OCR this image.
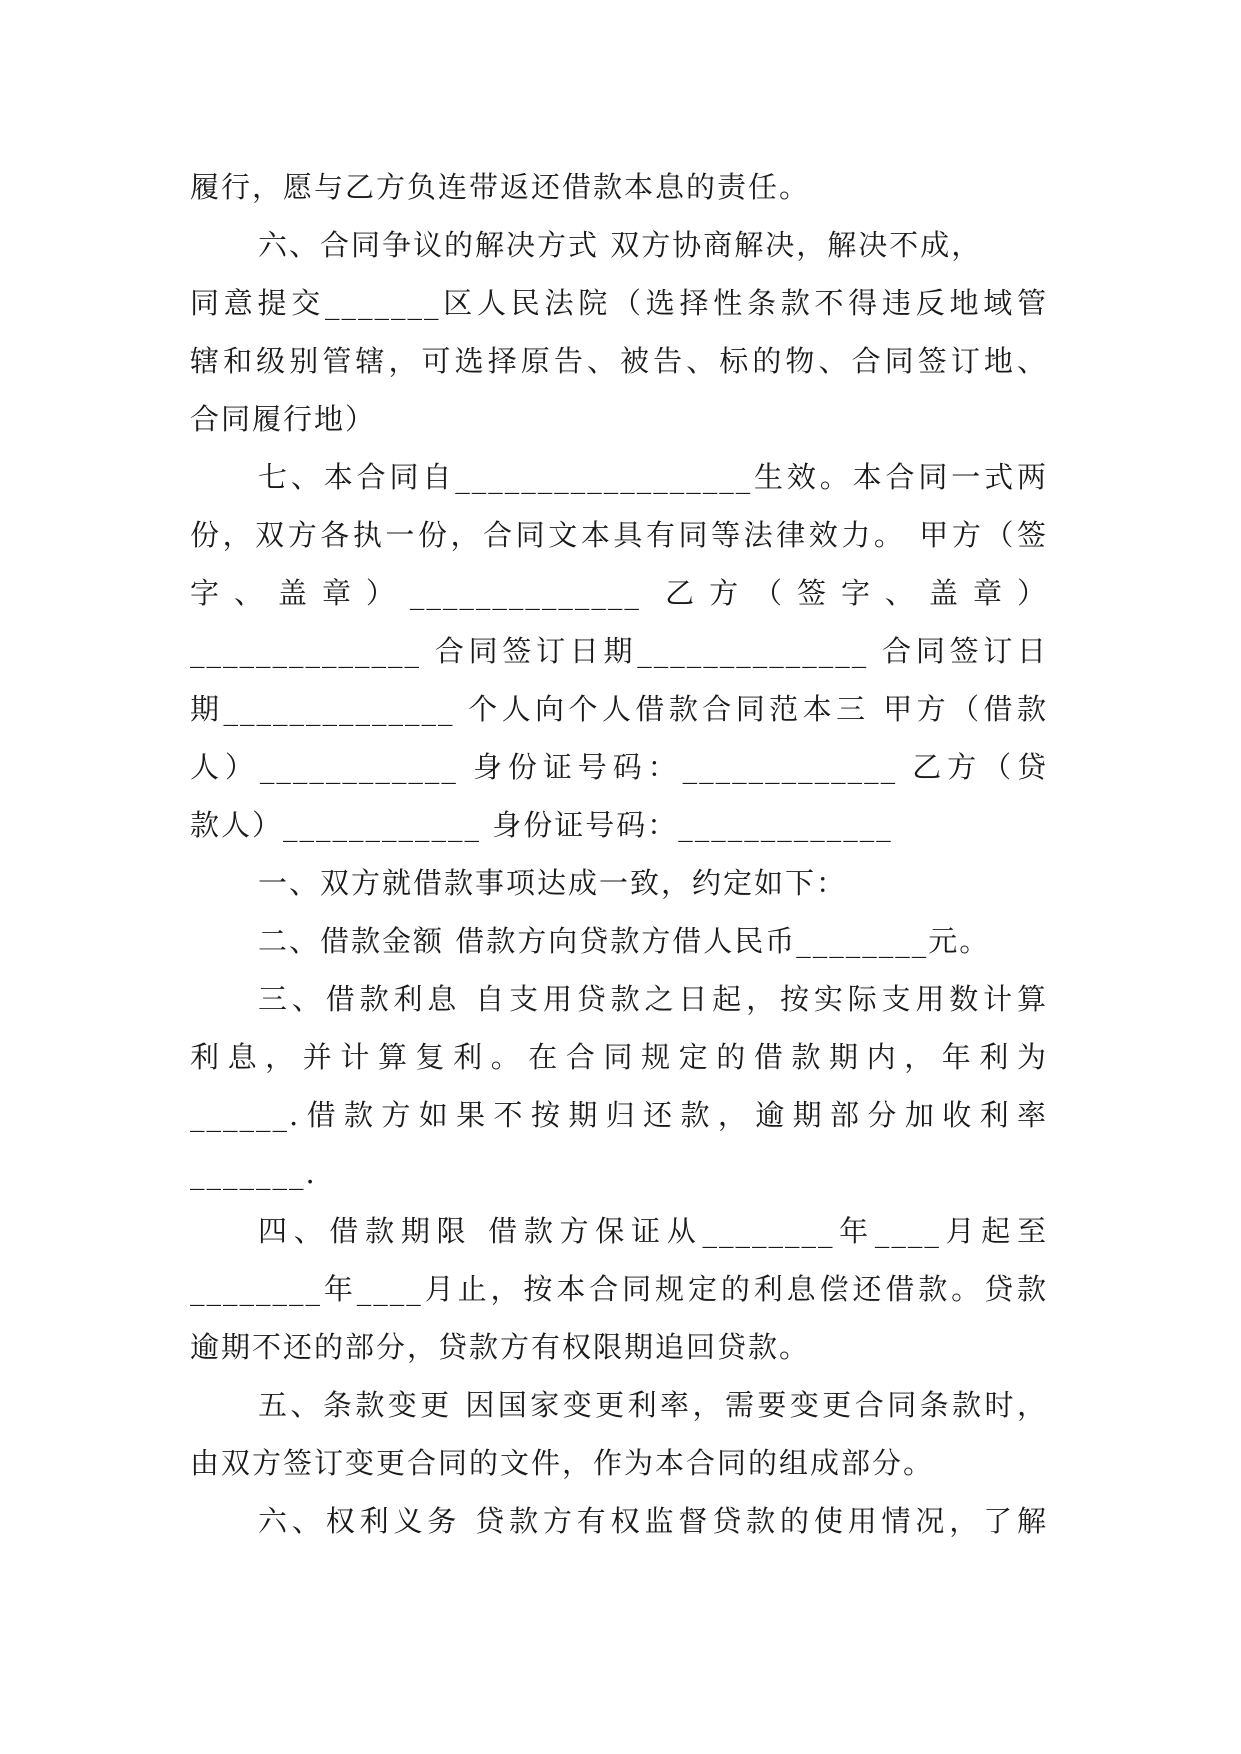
履行，愿与乙方负连带返还借款本息的责任。
六、合同争议的解决方式 双方协商解决，解决不成，
同意提交_______区人民法院（选择性条款不得违反地域管
辖和级别管辖，可选择原告、被告、标的物、合同签订地、
合同履行地）
七、本合同自__________________生效。本合同一式两
份，双方各执一份，合同文本具有同等法律效力。 甲方（签
字、盖章）______________ 乙方（签字、盖章）
______________ 合同签订日期______________ 合同签订日
期______________ 个人向个人借款合同范本三 甲方（借款
人）____________ 身份证号码：_____________ 乙方（贷
款人）____________ 身份证号码：_____________
一、双方就借款事项达成一致，约定如下：
二、借款金额 借款方向贷款方借人民币________元。
三、借款利息 自支用贷款之日起，按实际支用数计算
利息，并计算复利。在合同规定的借款期内，年利为
______.借款方如果不按期归还款，逾期部分加收利率
_______.
四、借款期限 借款方保证从________年____月起至
________年____月止，按本合同规定的利息偿还借款。贷款
逾期不还的部分，贷款方有权限期追回贷款。
五、条款变更 因国家变更利率，需要变更合同条款时，
由双方签订变更合同的文件，作为本合同的组成部分。
六、权利义务 贷款方有权监督贷款的使用情况，了解
